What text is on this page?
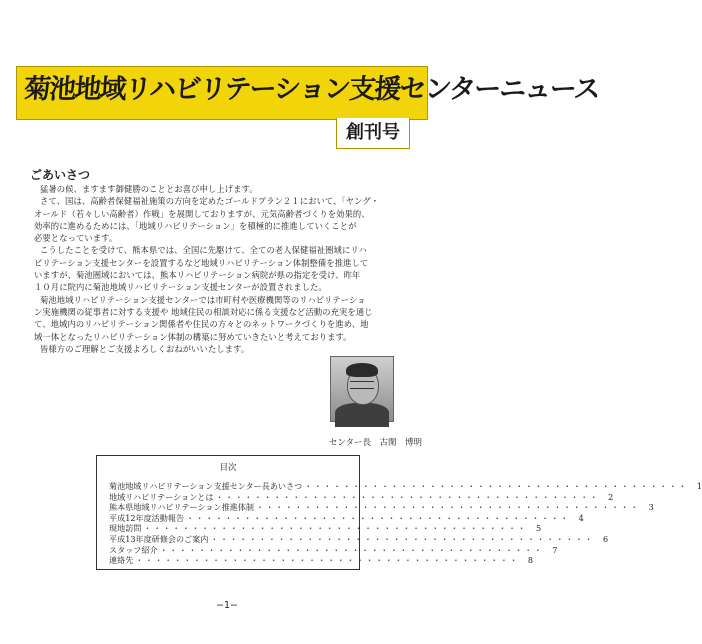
菊池地域リハビリテーション支援センターニュース
創刊号
ごあいさつ

猛暑の候、ますます御健勝のこととお喜び申し上げます。

さて、国は、高齢者保健福祉施策の方向を定めたゴールドプラン２１において、「ヤング・

オールド（若々しい高齢者）作戦」を展開しておりますが、元気高齢者づくりを効果的、

効率的に進めるためには、「地域リハビリテーション」を積極的に推進していくことが

必要となっています。

こうしたことを受けて、熊本県では、全国に先駆けて、全ての老人保健福祉圏域にリハ

ビリテーション支援センターを設置するなど地域リハビリテーション体制整備を推進して

いますが、菊池圏域においては、熊本リハビリテーション病院が県の指定を受け、昨年

１０月に院内に菊池地域リハビリテーション支援センターが設置されました。

菊池地域リハビリテーション支援センターでは市町村や医療機関等のリハビリテーショ

ン実施機関の従事者に対する支援や 地域住民の相談対応に係る支援など活動の充実を通じ

て、地域内のリハビリテーション関係者や住民の方々とのネットワークづくりを進め、地

域一体となったリハビリテーション体制の構築に努めていきたいと考えております。

皆様方のご理解とご支援よろしくおねがいいたします。

センター長　古閑　博明
目次
菊池地域リハビリテーション支援センター長あいさつ ・・・・・・・・・・・・・・・・・・・・・・・・・・・・・・・・・・・・・・・・	1
地域リハビリテーションとは ・・・・・・・・・・・・・・・・・・・・・・・・・・・・・・・・・・・・・・・・	2
熊本県地域リハビリテーション推進体制 ・・・・・・・・・・・・・・・・・・・・・・・・・・・・・・・・・・・・・・・・	3
平成12年度活動報告 ・・・・・・・・・・・・・・・・・・・・・・・・・・・・・・・・・・・・・・・・	4
現地訪問 ・・・・・・・・・・・・・・・・・・・・・・・・・・・・・・・・・・・・・・・・	5
平成13年度研修会のご案内 ・・・・・・・・・・・・・・・・・・・・・・・・・・・・・・・・・・・・・・・・	6
スタッフ紹介 ・・・・・・・・・・・・・・・・・・・・・・・・・・・・・・・・・・・・・・・・	7
連絡先 ・・・・・・・・・・・・・・・・・・・・・・・・・・・・・・・・・・・・・・・・	8
−1−
